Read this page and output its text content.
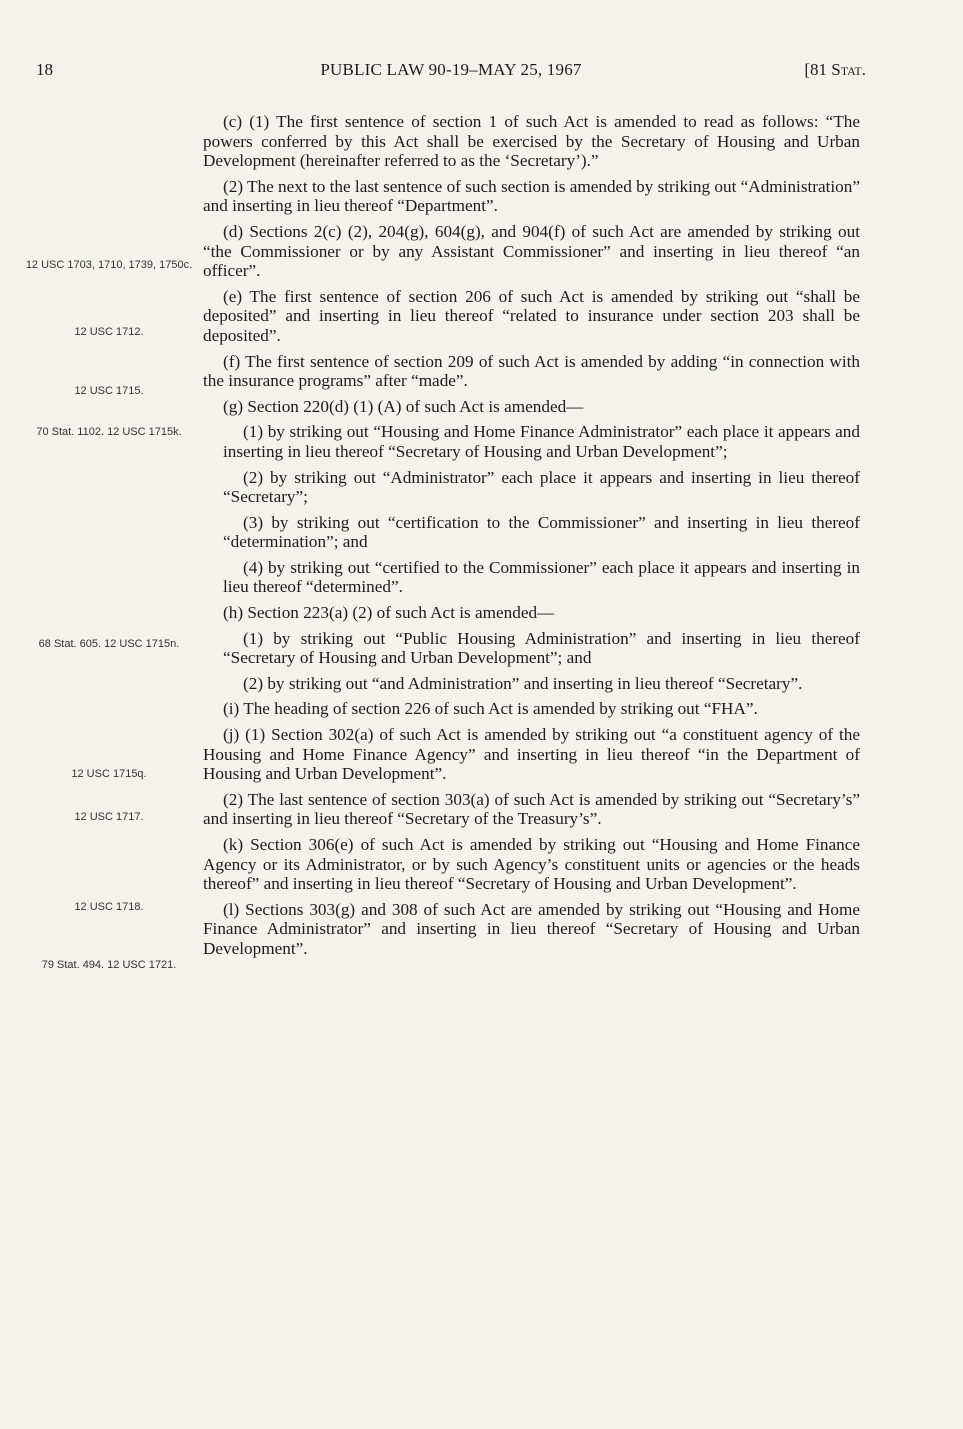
18	PUBLIC LAW 90-19–MAY 25, 1967	[81 Stat.
12 USC 1703, 1710, 1739, 1750c.
12 USC 1712.
12 USC 1715.
70 Stat. 1102. 12 USC 1715k.
68 Stat. 605. 12 USC 1715n.
12 USC 1715q.
12 USC 1717.
12 USC 1718.
79 Stat. 494. 12 USC 1721.

(c) (1) The first sentence of section 1 of such Act is amended to read as follows: “The powers conferred by this Act shall be exercised by the Secretary of Housing and Urban Development (hereinafter referred to as the ‘Secretary’).”

(2) The next to the last sentence of such section is amended by striking out “Administration” and inserting in lieu thereof “Department”.

(d) Sections 2(c) (2), 204(g), 604(g), and 904(f) of such Act are amended by striking out “the Commissioner or by any Assistant Commissioner” and inserting in lieu thereof “an officer”.

(e) The first sentence of section 206 of such Act is amended by striking out “shall be deposited” and inserting in lieu thereof “related to insurance under section 203 shall be deposited”.

(f) The first sentence of section 209 of such Act is amended by adding “in connection with the insurance programs” after “made”.

(g) Section 220(d) (1) (A) of such Act is amended—

(1) by striking out “Housing and Home Finance Administrator” each place it appears and inserting in lieu thereof “Secretary of Housing and Urban Development”;

(2) by striking out “Administrator” each place it appears and inserting in lieu thereof “Secretary”;

(3) by striking out “certification to the Commissioner” and inserting in lieu thereof “determination”; and

(4) by striking out “certified to the Commissioner” each place it appears and inserting in lieu thereof “determined”.

(h) Section 223(a) (2) of such Act is amended—

(1) by striking out “Public Housing Administration” and inserting in lieu thereof “Secretary of Housing and Urban Development”; and

(2) by striking out “and Administration” and inserting in lieu thereof “Secretary”.

(i) The heading of section 226 of such Act is amended by striking out “FHA”.

(j) (1) Section 302(a) of such Act is amended by striking out “a constituent agency of the Housing and Home Finance Agency” and inserting in lieu thereof “in the Department of Housing and Urban Development”.

(2) The last sentence of section 303(a) of such Act is amended by striking out “Secretary’s” and inserting in lieu thereof “Secretary of the Treasury’s”.

(k) Section 306(e) of such Act is amended by striking out “Housing and Home Finance Agency or its Administrator, or by such Agency’s constituent units or agencies or the heads thereof” and inserting in lieu thereof “Secretary of Housing and Urban Development”.

(l) Sections 303(g) and 308 of such Act are amended by striking out “Housing and Home Finance Administrator” and inserting in lieu thereof “Secretary of Housing and Urban Development”.
